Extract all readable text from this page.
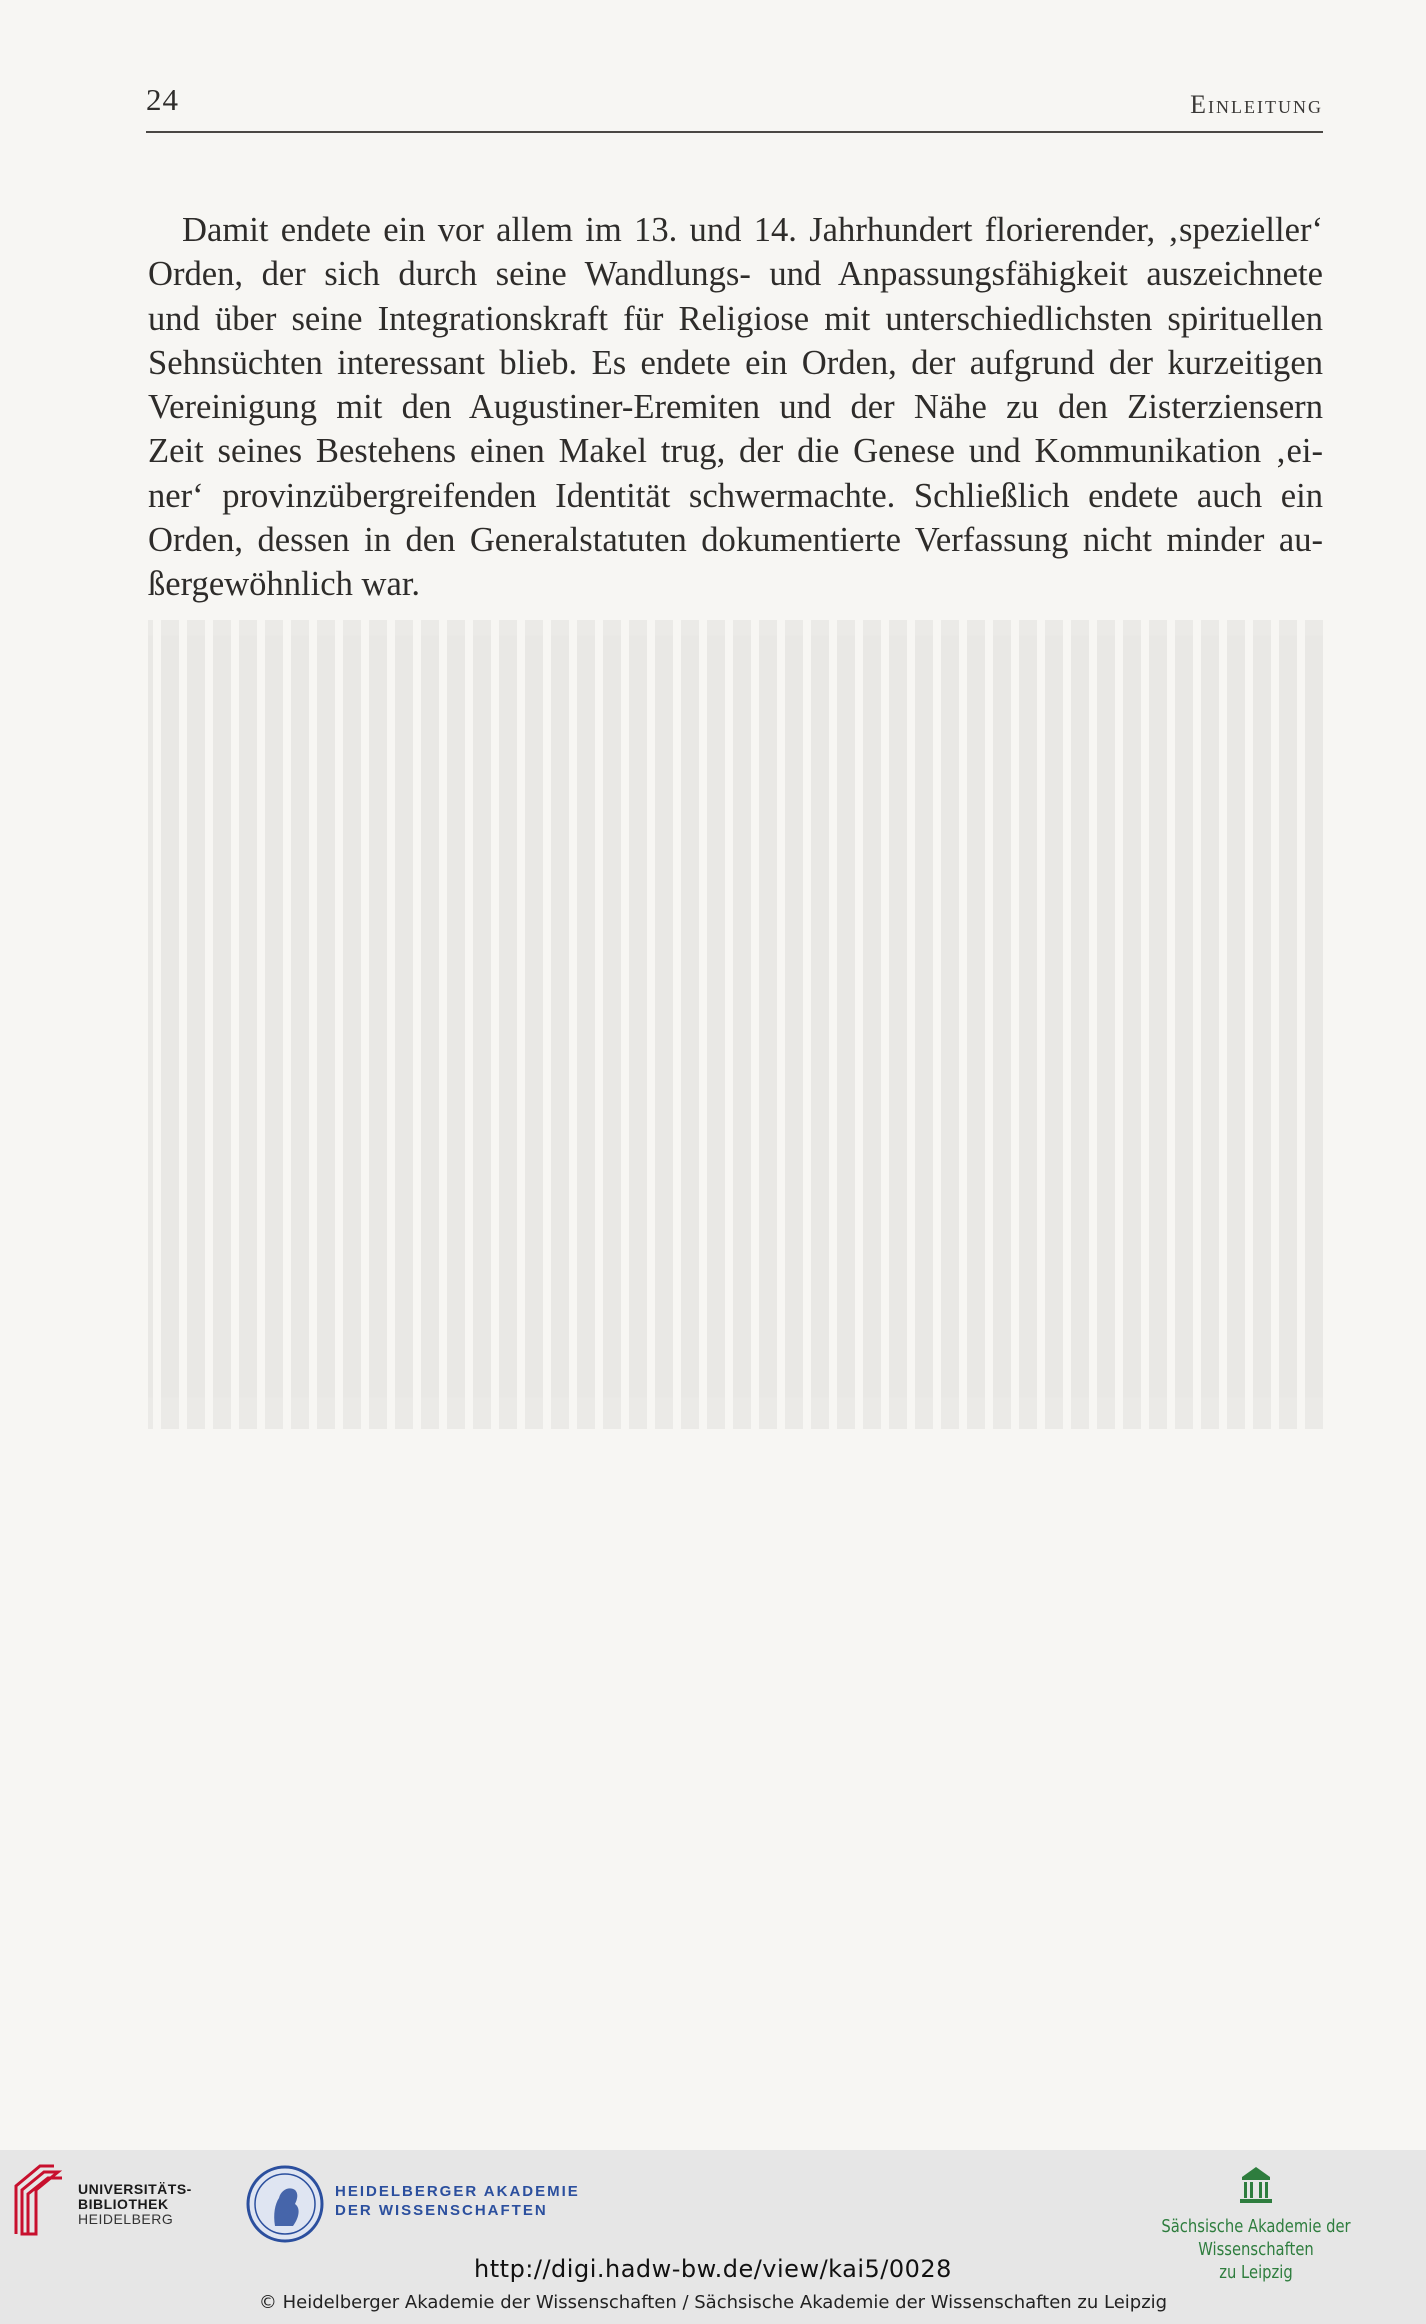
24	Einleitung
Damit endete ein vor allem im 13. und 14. Jahrhundert florierender, ‚spezieller‘
Orden, der sich durch seine Wandlungs- und Anpassungsfähigkeit auszeichnete
und über seine Integrationskraft für Religiose mit unterschiedlichsten spirituellen
Sehnsüchten interessant blieb. Es endete ein Orden, der aufgrund der kurzeitigen
Vereinigung mit den Augustiner-Eremiten und der Nähe zu den Zisterziensern
Zeit seines Bestehens einen Makel trug, der die Genese und Kommunikation ‚ei-
ner‘ provinzübergreifenden Identität schwermachte. Schließlich endete auch ein
Orden, dessen in den Generalstatuten dokumentierte Verfassung nicht minder au-
ßergewöhnlich war.
UNIVERSITÄTS-
BIBLIOTHEK
HEIDELBERG
HEIDELBERGER AKADEMIE
DER WISSENSCHAFTEN
Sächsische Akademie der Wissenschaften
zu Leipzig
http://digi.hadw-bw.de/view/kai5/0028
© Heidelberger Akademie der Wissenschaften / Sächsische Akademie der Wissenschaften zu Leipzig
